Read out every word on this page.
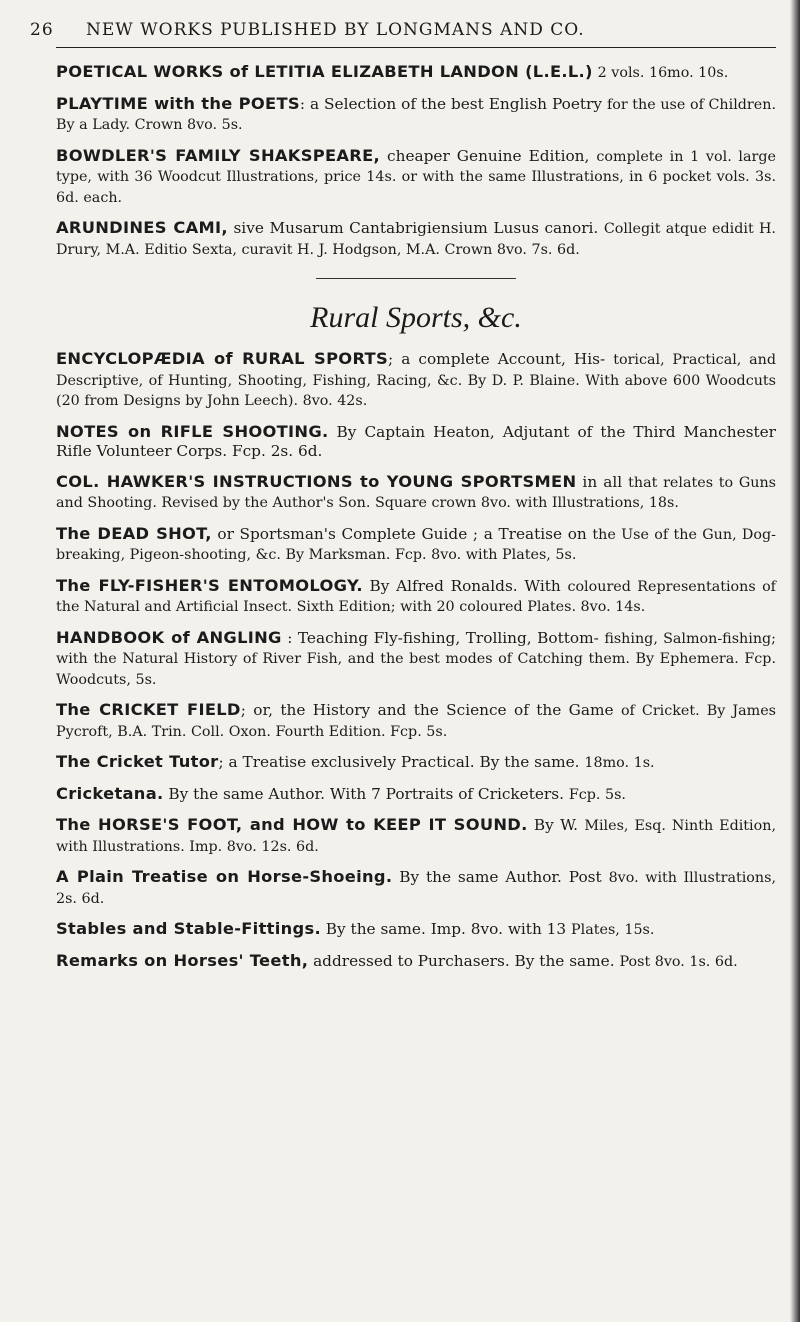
26 NEW WORKS PUBLISHED BY LONGMANS AND CO.
POETICAL WORKS of LETITIA ELIZABETH LANDON (L.E.L.) 2 vols. 16mo. 10s.
PLAYTIME with the POETS: a Selection of the best English Poetry for the use of Children. By a Lady. Crown 8vo. 5s.
BOWDLER'S FAMILY SHAKSPEARE, cheaper Genuine Edition, complete in 1 vol. large type, with 36 Woodcut Illustrations, price 14s. or with the same Illustrations, in 6 pocket vols. 3s. 6d. each.
ARUNDINES CAMI, sive Musarum Cantabrigiensium Lusus canori. Collegit atque edidit H. Drury, M.A. Editio Sexta, curavit H. J. Hodgson, M.A. Crown 8vo. 7s. 6d.
Rural Sports, &c.
ENCYCLOPÆDIA of RURAL SPORTS; a complete Account, His- torical, Practical, and Descriptive, of Hunting, Shooting, Fishing, Racing, &c. By D. P. Blaine. With above 600 Woodcuts (20 from Designs by John Leech). 8vo. 42s.
NOTES on RIFLE SHOOTING. By Captain Heaton, Adjutant of the Third Manchester Rifle Volunteer Corps. Fcp. 2s. 6d.
COL. HAWKER'S INSTRUCTIONS to YOUNG SPORTSMEN in all that relates to Guns and Shooting. Revised by the Author's Son. Square crown 8vo. with Illustrations, 18s.
The DEAD SHOT, or Sportsman's Complete Guide ; a Treatise on the Use of the Gun, Dog-breaking, Pigeon-shooting, &c. By Marksman. Fcp. 8vo. with Plates, 5s.
The FLY-FISHER'S ENTOMOLOGY. By Alfred Ronalds. With coloured Representations of the Natural and Artificial Insect. Sixth Edition; with 20 coloured Plates. 8vo. 14s.
HANDBOOK of ANGLING : Teaching Fly-fishing, Trolling, Bottom- fishing, Salmon-fishing; with the Natural History of River Fish, and the best modes of Catching them. By Ephemera. Fcp. Woodcuts, 5s.
The CRICKET FIELD; or, the History and the Science of the Game of Cricket. By James Pycroft, B.A. Trin. Coll. Oxon. Fourth Edition. Fcp. 5s.
The Cricket Tutor; a Treatise exclusively Practical. By the same. 18mo. 1s.
Cricketana. By the same Author. With 7 Portraits of Cricketers. Fcp. 5s.
The HORSE'S FOOT, and HOW to KEEP IT SOUND. By W. Miles, Esq. Ninth Edition, with Illustrations. Imp. 8vo. 12s. 6d.
A Plain Treatise on Horse-Shoeing. By the same Author. Post 8vo. with Illustrations, 2s. 6d.
Stables and Stable-Fittings. By the same. Imp. 8vo. with 13 Plates, 15s.
Remarks on Horses' Teeth, addressed to Purchasers. By the same. Post 8vo. 1s. 6d.
